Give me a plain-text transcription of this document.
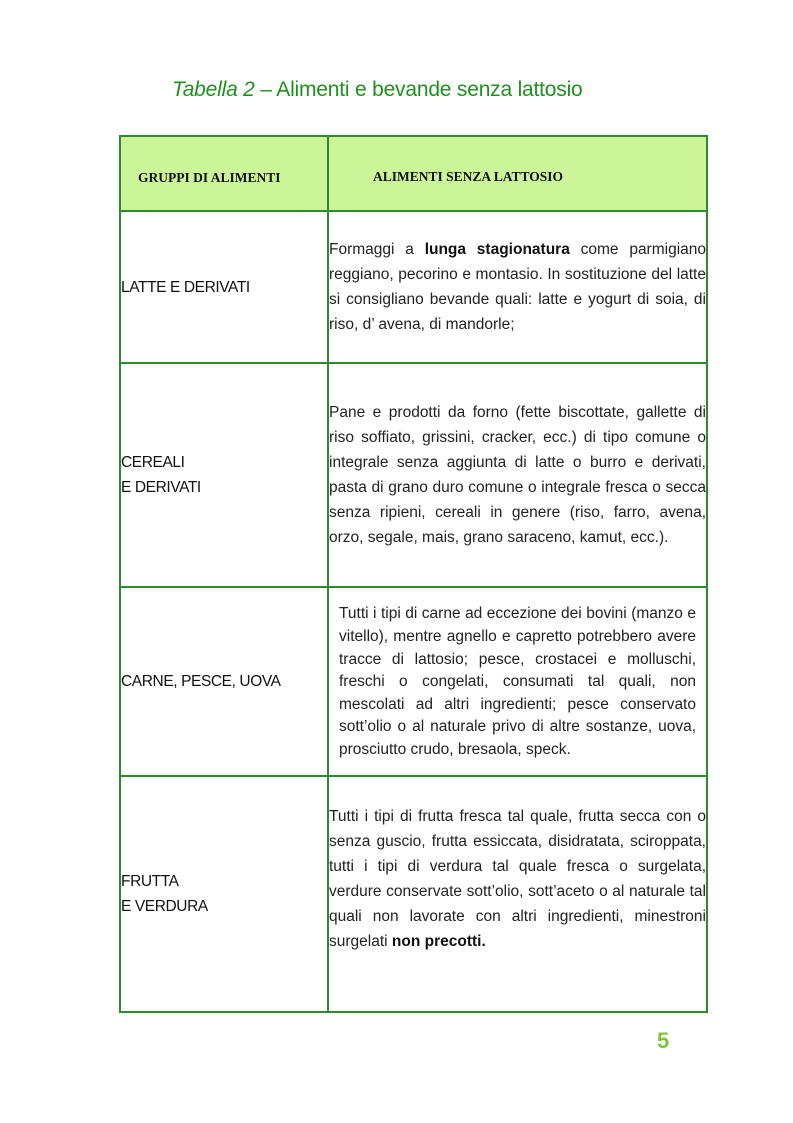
Tabella 2 – Alimenti e bevande senza lattosio
GRUPPI DI ALIMENTI	ALIMENTI SENZA LATTOSIO

LATTE E DERIVATI	Formaggi a lunga stagionatura come parmigiano reggiano, pecorino e montasio. In sostituzione del latte si consigliano bevande quali: latte e yogurt di soia, di riso, d’ avena, di mandorle;

CEREALI
E DERIVATI	Pane e prodotti da forno (fette biscottate, gallette di riso soffiato, grissini, cracker, ecc.) di tipo comune o integrale senza aggiunta di latte o burro e derivati, pasta di grano duro comune o integrale fresca o secca senza ripieni, cereali in genere (riso, farro, avena, orzo, segale, mais, grano saraceno, kamut, ecc.).

CARNE, PESCE, UOVA	Tutti i tipi di carne ad eccezione dei bovini (manzo e vitello), mentre agnello e capretto potrebbero avere tracce di lattosio; pesce, crostacei e molluschi, freschi o congelati, consumati tal quali, non mescolati ad altri ingredienti; pesce conservato sott’olio o al naturale privo di altre sostanze, uova, prosciutto crudo, bresaola, speck.

FRUTTA
E VERDURA	Tutti i tipi di frutta fresca tal quale, frutta secca con o senza guscio, frutta essiccata, disidratata, sciroppata, tutti i tipi di verdura tal quale fresca o surgelata, verdure conservate sott’olio, sott’aceto o al naturale tal quali non lavorate con altri ingredienti, minestroni surgelati non precotti.
5
